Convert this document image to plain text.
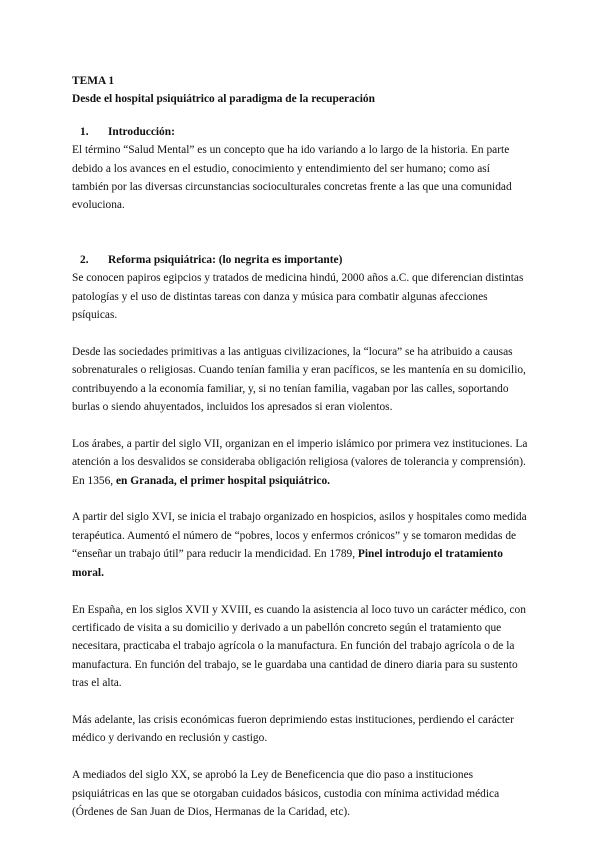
TEMA 1

Desde el hospital psiquiátrico al paradigma de la recuperación

1.	Introducción:

El término “Salud Mental” es un concepto que ha ido variando a lo largo de la historia. En parte debido a los avances en el estudio, conocimiento y entendimiento del ser humano; como así también por las diversas circunstancias socioculturales concretas frente a las que una comunidad evoluciona.

2.	Reforma psiquiátrica: (lo negrita es importante)

Se conocen papiros egipcios y tratados de medicina hindú, 2000 años a.C. que diferencian distintas patologías y el uso de distintas tareas con danza y música para combatir algunas afecciones psíquicas.

Desde las sociedades primitivas a las antiguas civilizaciones, la “locura” se ha atribuido a causas sobrenaturales o religiosas. Cuando tenían familia y eran pacíficos, se les mantenía en su domicilio, contribuyendo a la economía familiar, y, si no tenían familia, vagaban por las calles, soportando burlas o siendo ahuyentados, incluidos los apresados si eran violentos.

Los árabes, a partir del siglo VII, organizan en el imperio islámico por primera vez instituciones. La atención a los desvalidos se consideraba obligación religiosa (valores de tolerancia y comprensión). En 1356, en Granada, el primer hospital psiquiátrico.

A partir del siglo XVI, se inicia el trabajo organizado en hospicios, asilos y hospitales como medida terapéutica. Aumentó el número de “pobres, locos y enfermos crónicos” y se tomaron medidas de “enseñar un trabajo útil” para reducir la mendicidad. En 1789, Pinel introdujo el tratamiento moral.

En España, en los siglos XVII y XVIII, es cuando la asistencia al loco tuvo un carácter médico, con certificado de visita a su domicilio y derivado a un pabellón concreto según el tratamiento que necesitara, practicaba el trabajo agrícola o la manufactura. En función del trabajo agrícola o de la manufactura. En función del trabajo, se le guardaba una cantidad de dinero diaria para su sustento tras el alta.

Más adelante, las crisis económicas fueron deprimiendo estas instituciones, perdiendo el carácter médico y derivando en reclusión y castigo.

A mediados del siglo XX, se aprobó la Ley de Beneficencia que dio paso a instituciones psiquiátricas en las que se otorgaban cuidados básicos, custodia con mínima actividad médica (Órdenes de San Juan de Dios, Hermanas de la Caridad, etc).
